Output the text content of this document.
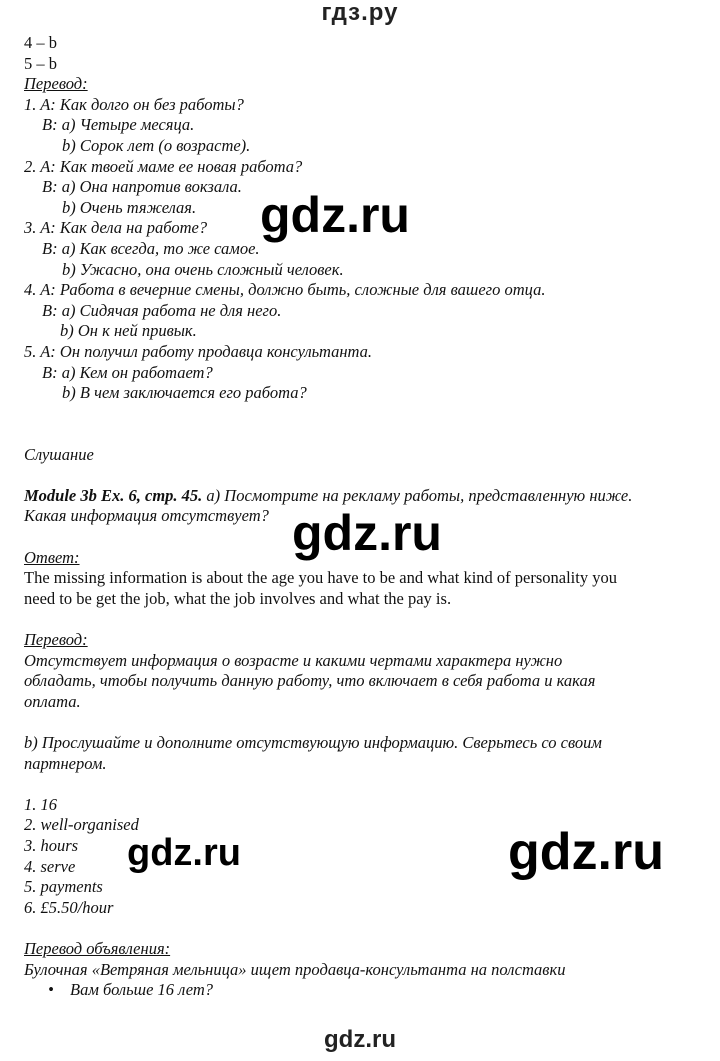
гдз.ру
4 – b
5 – b
Перевод:
1. A: Как долго он без работы?
B: a) Четыре месяца.
b) Сорок лет (о возрасте).
2. A: Как твоей маме ее новая работа?
B: a) Она напротив вокзала.
b) Очень тяжелая.
3. A: Как дела на работе?
B: a) Как всегда, то же самое.
b) Ужасно, она очень сложный человек.
4. A: Работа в вечерние смены, должно быть, сложные для вашего отца.
B: a) Сидячая работа не для него.
b) Он к ней привык.
5. A: Он получил работу продавца консультанта.
B: a) Кем он работает?
b) В чем заключается его работа?
Слушание
Module 3b Ex. 6, стр. 45. a) Посмотрите на рекламу работы, представленную ниже.
Какая информация отсутствует?
Ответ:
The missing information is about the age you have to be and what kind of personality you
need to be get the job, what the job involves and what the pay is.
Перевод:
Отсутствует информация о возрасте и какими чертами характера нужно
обладать, чтобы получить данную работу, что включает в себя работа и какая
оплата.
b) Прослушайте и дополните отсутствующую информацию. Сверьтесь со своим
партнером.
1. 16
2. well-organised
3. hours
4. serve
5. payments
6. £5.50/hour
Перевод объявления:
Булочная «Ветряная мельница» ищет продавца-консультанта на полставки
• Вам больше 16 лет?
gdz.ru
gdz.ru
gdz.ru	gdz.ru
gdz.ru
